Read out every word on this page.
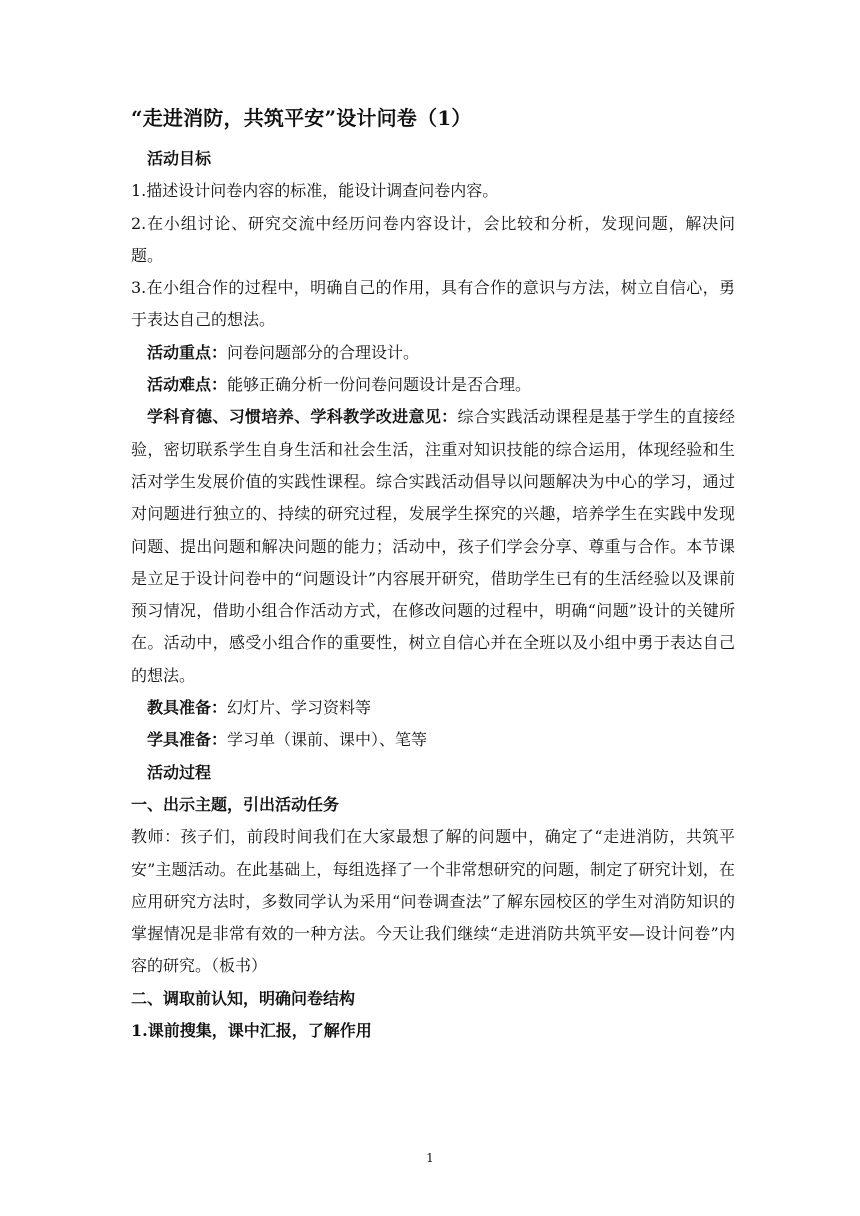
“走进消防，共筑平安”设计问卷（1）

活动目标

1.描述设计问卷内容的标准，能设计调查问卷内容。

2.在小组讨论、研究交流中经历问卷内容设计，会比较和分析，发现问题，解决问题。

3.在小组合作的过程中，明确自己的作用，具有合作的意识与方法，树立自信心，勇于表达自己的想法。

活动重点：问卷问题部分的合理设计。

活动难点：能够正确分析一份问卷问题设计是否合理。

学科育德、习惯培养、学科教学改进意见：综合实践活动课程是基于学生的直接经验，密切联系学生自身生活和社会生活，注重对知识技能的综合运用，体现经验和生活对学生发展价值的实践性课程。综合实践活动倡导以问题解决为中心的学习，通过对问题进行独立的、持续的研究过程，发展学生探究的兴趣，培养学生在实践中发现问题、提出问题和解决问题的能力；活动中，孩子们学会分享、尊重与合作。本节课是立足于设计问卷中的“问题设计”内容展开研究，借助学生已有的生活经验以及课前预习情况，借助小组合作活动方式，在修改问题的过程中，明确“问题”设计的关键所在。活动中，感受小组合作的重要性，树立自信心并在全班以及小组中勇于表达自己的想法。

教具准备：幻灯片、学习资料等

学具准备：学习单（课前、课中）、笔等

活动过程

一、出示主题，引出活动任务

教师：孩子们，前段时间我们在大家最想了解的问题中，确定了“走进消防，共筑平安”主题活动。在此基础上，每组选择了一个非常想研究的问题，制定了研究计划，在应用研究方法时，多数同学认为采用“问卷调查法”了解东园校区的学生对消防知识的掌握情况是非常有效的一种方法。今天让我们继续“走进消防共筑平安—设计问卷”内容的研究。（板书）

二、调取前认知，明确问卷结构

1.课前搜集，课中汇报，了解作用

1
